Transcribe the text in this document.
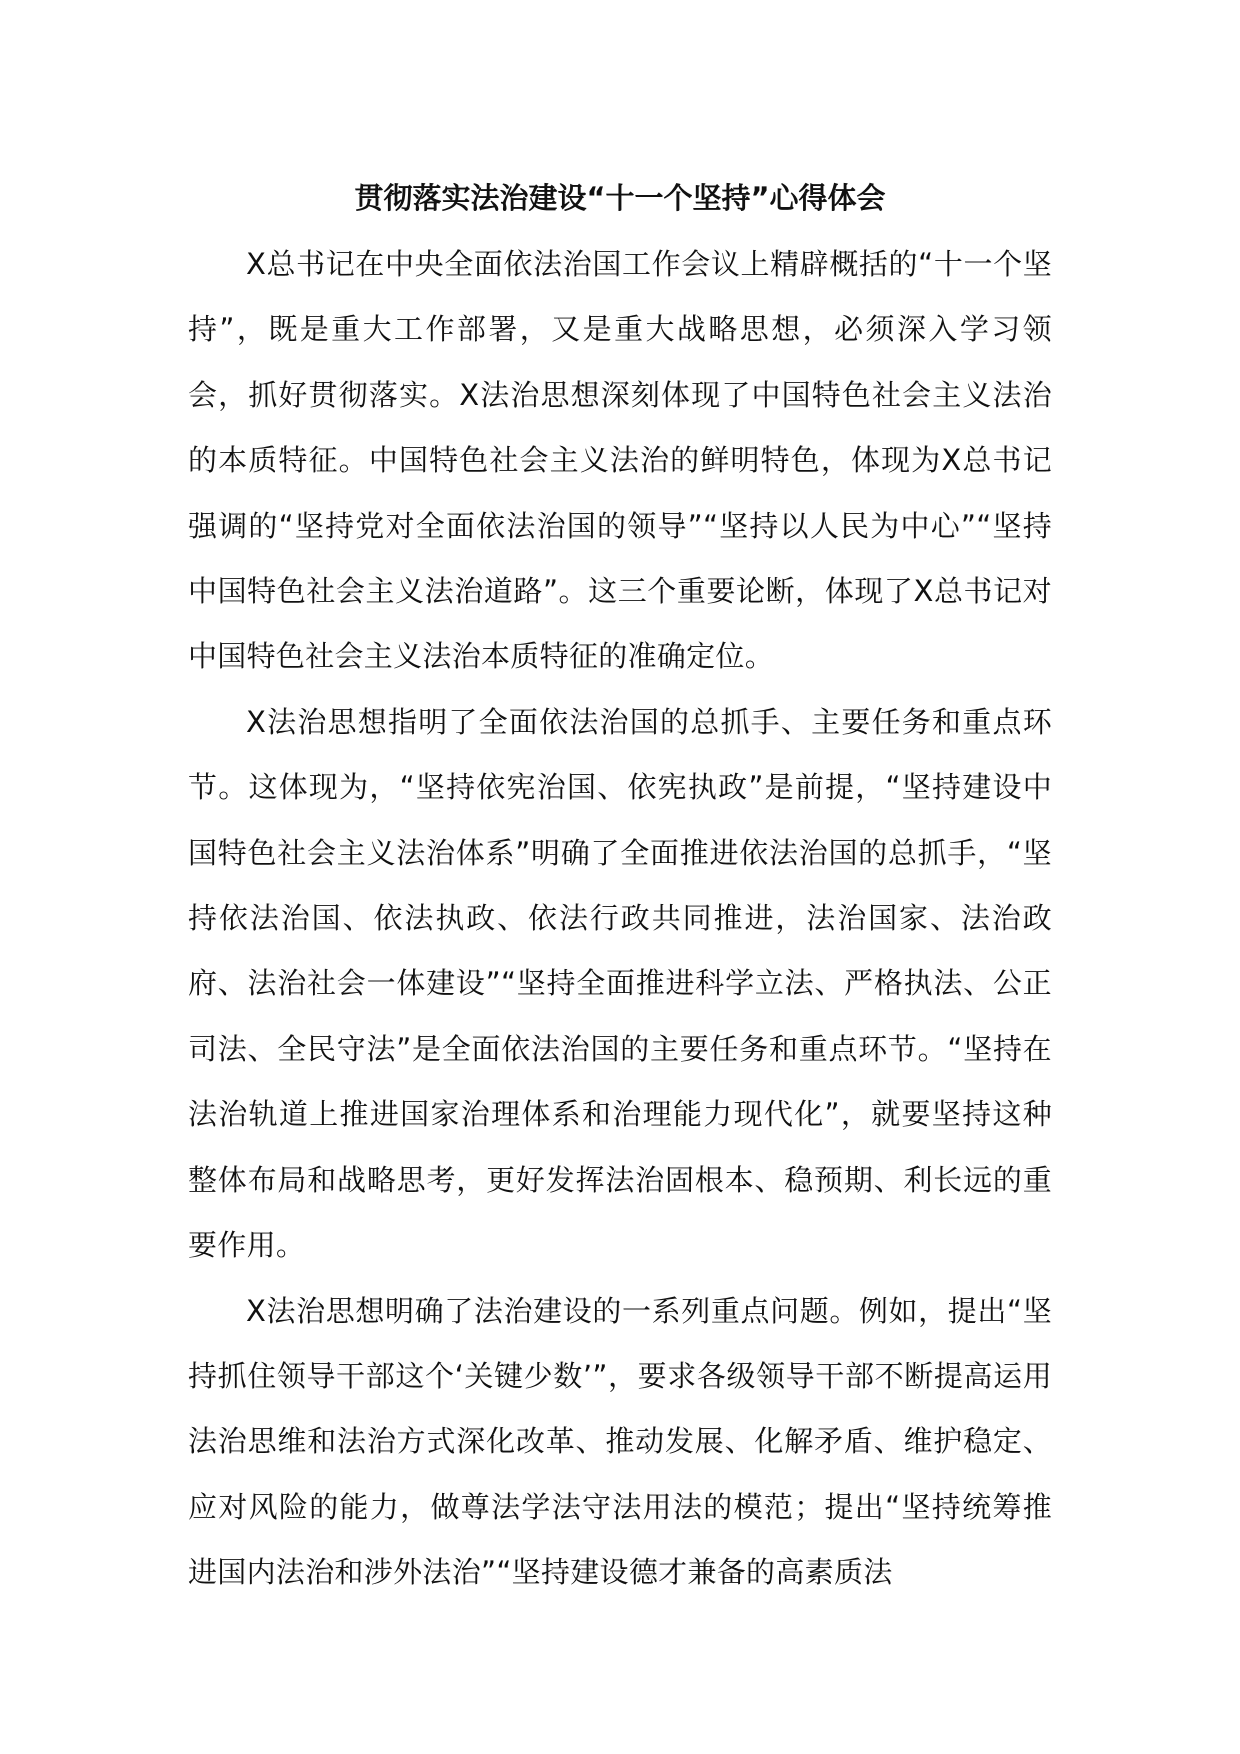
贯彻落实法治建设“十一个坚持”心得体会

X总书记在中央全面依法治国工作会议上精辟概括的“十一个坚持”，既是重大工作部署，又是重大战略思想，必须深入学习领会，抓好贯彻落实。X法治思想深刻体现了中国特色社会主义法治的本质特征。中国特色社会主义法治的鲜明特色，体现为X总书记强调的“坚持党对全面依法治国的领导”“坚持以人民为中心”“坚持中国特色社会主义法治道路”。这三个重要论断，体现了X总书记对中国特色社会主义法治本质特征的准确定位。

X法治思想指明了全面依法治国的总抓手、主要任务和重点环节。这体现为，“坚持依宪治国、依宪执政”是前提，“坚持建设中国特色社会主义法治体系”明确了全面推进依法治国的总抓手，“坚持依法治国、依法执政、依法行政共同推进，法治国家、法治政府、法治社会一体建设”“坚持全面推进科学立法、严格执法、公正司法、全民守法”是全面依法治国的主要任务和重点环节。“坚持在法治轨道上推进国家治理体系和治理能力现代化”，就要坚持这种整体布局和战略思考，更好发挥法治固根本、稳预期、利长远的重要作用。

X法治思想明确了法治建设的一系列重点问题。例如，提出“坚持抓住领导干部这个‘关键少数’”，要求各级领导干部不断提高运用法治思维和法治方式深化改革、推动发展、化解矛盾、维护稳定、应对风险的能力，做尊法学法守法用法的模范；提出“坚持统筹推进国内法治和涉外法治”“坚持建设德才兼备的高素质法
